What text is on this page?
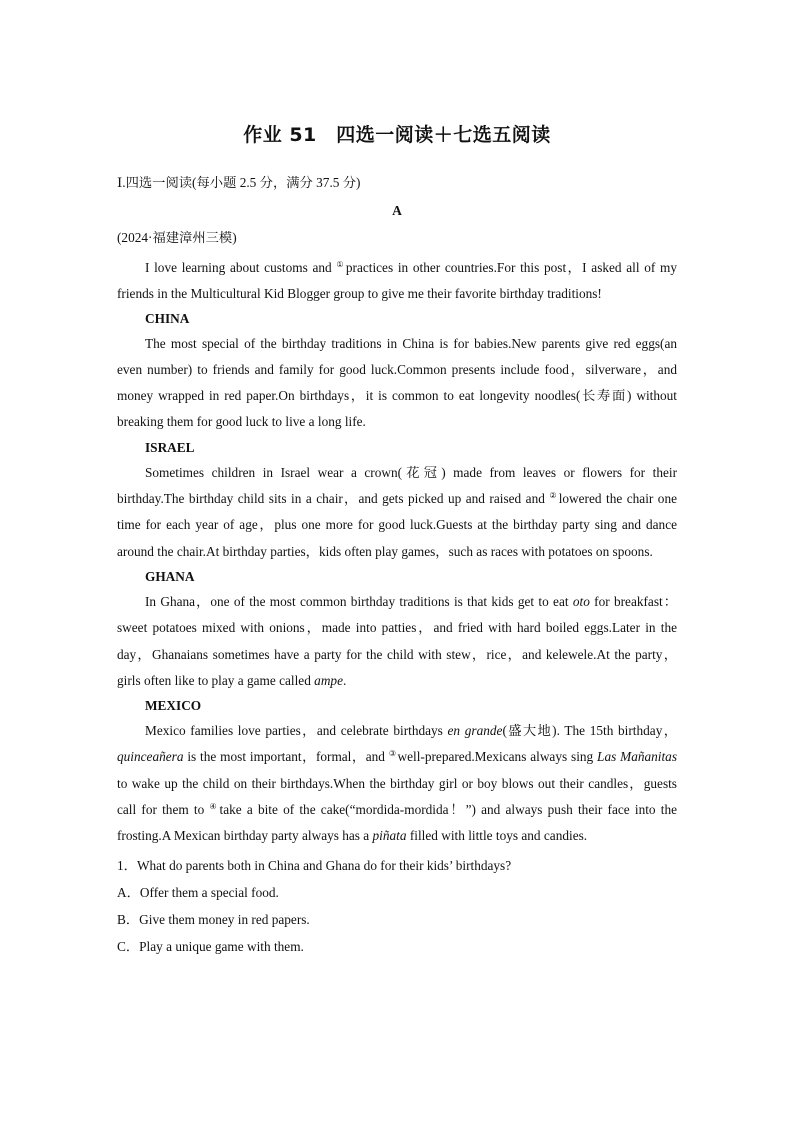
作业 51　四选一阅读＋七选五阅读
Ⅰ.四选一阅读(每小题 2.5 分，满分 37.5 分)
A
(2024·福建漳州三模)

I love learning about customs and ①practices in other countries.For this post，I asked all of my friends in the Multicultural Kid Blogger group to give me their favorite birthday traditions!

CHINA

The most special of the birthday traditions in China is for babies.New parents give red eggs(an even number) to friends and family for good luck.Common presents include food，silverware，and money wrapped in red paper.On birthdays，it is common to eat longevity noodles(长寿面) without breaking them for good luck to live a long life.

ISRAEL

Sometimes children in Israel wear a crown(花冠) made from leaves or flowers for their birthday.The birthday child sits in a chair，and gets picked up and raised and ②lowered the chair one time for each year of age，plus one more for good luck.Guests at the birthday party sing and dance around the chair.At birthday parties，kids often play games，such as races with potatoes on spoons.

GHANA

In Ghana，one of the most common birthday traditions is that kids get to eat oto for breakfast：sweet potatoes mixed with onions，made into patties，and fried with hard boiled eggs.Later in the day，Ghanaians sometimes have a party for the child with stew，rice，and kelewele.At the party，girls often like to play a game called ampe.

MEXICO

Mexico families love parties，and celebrate birthdays en grande(盛大地). The 15th birthday，quinceañera is the most important，formal，and ③well-prepared.Mexicans always sing Las Mañanitas to wake up the child on their birthdays.When the birthday girl or boy blows out their candles，guests call for them to ④take a bite of the cake(“mordida-mordida！”) and always push their face into the frosting.A Mexican birthday party always has a piñata filled with little toys and candies.

1．What do parents both in China and Ghana do for their kids’ birthdays?

A．Offer them a special food.

B．Give them money in red papers.

C．Play a unique game with them.
